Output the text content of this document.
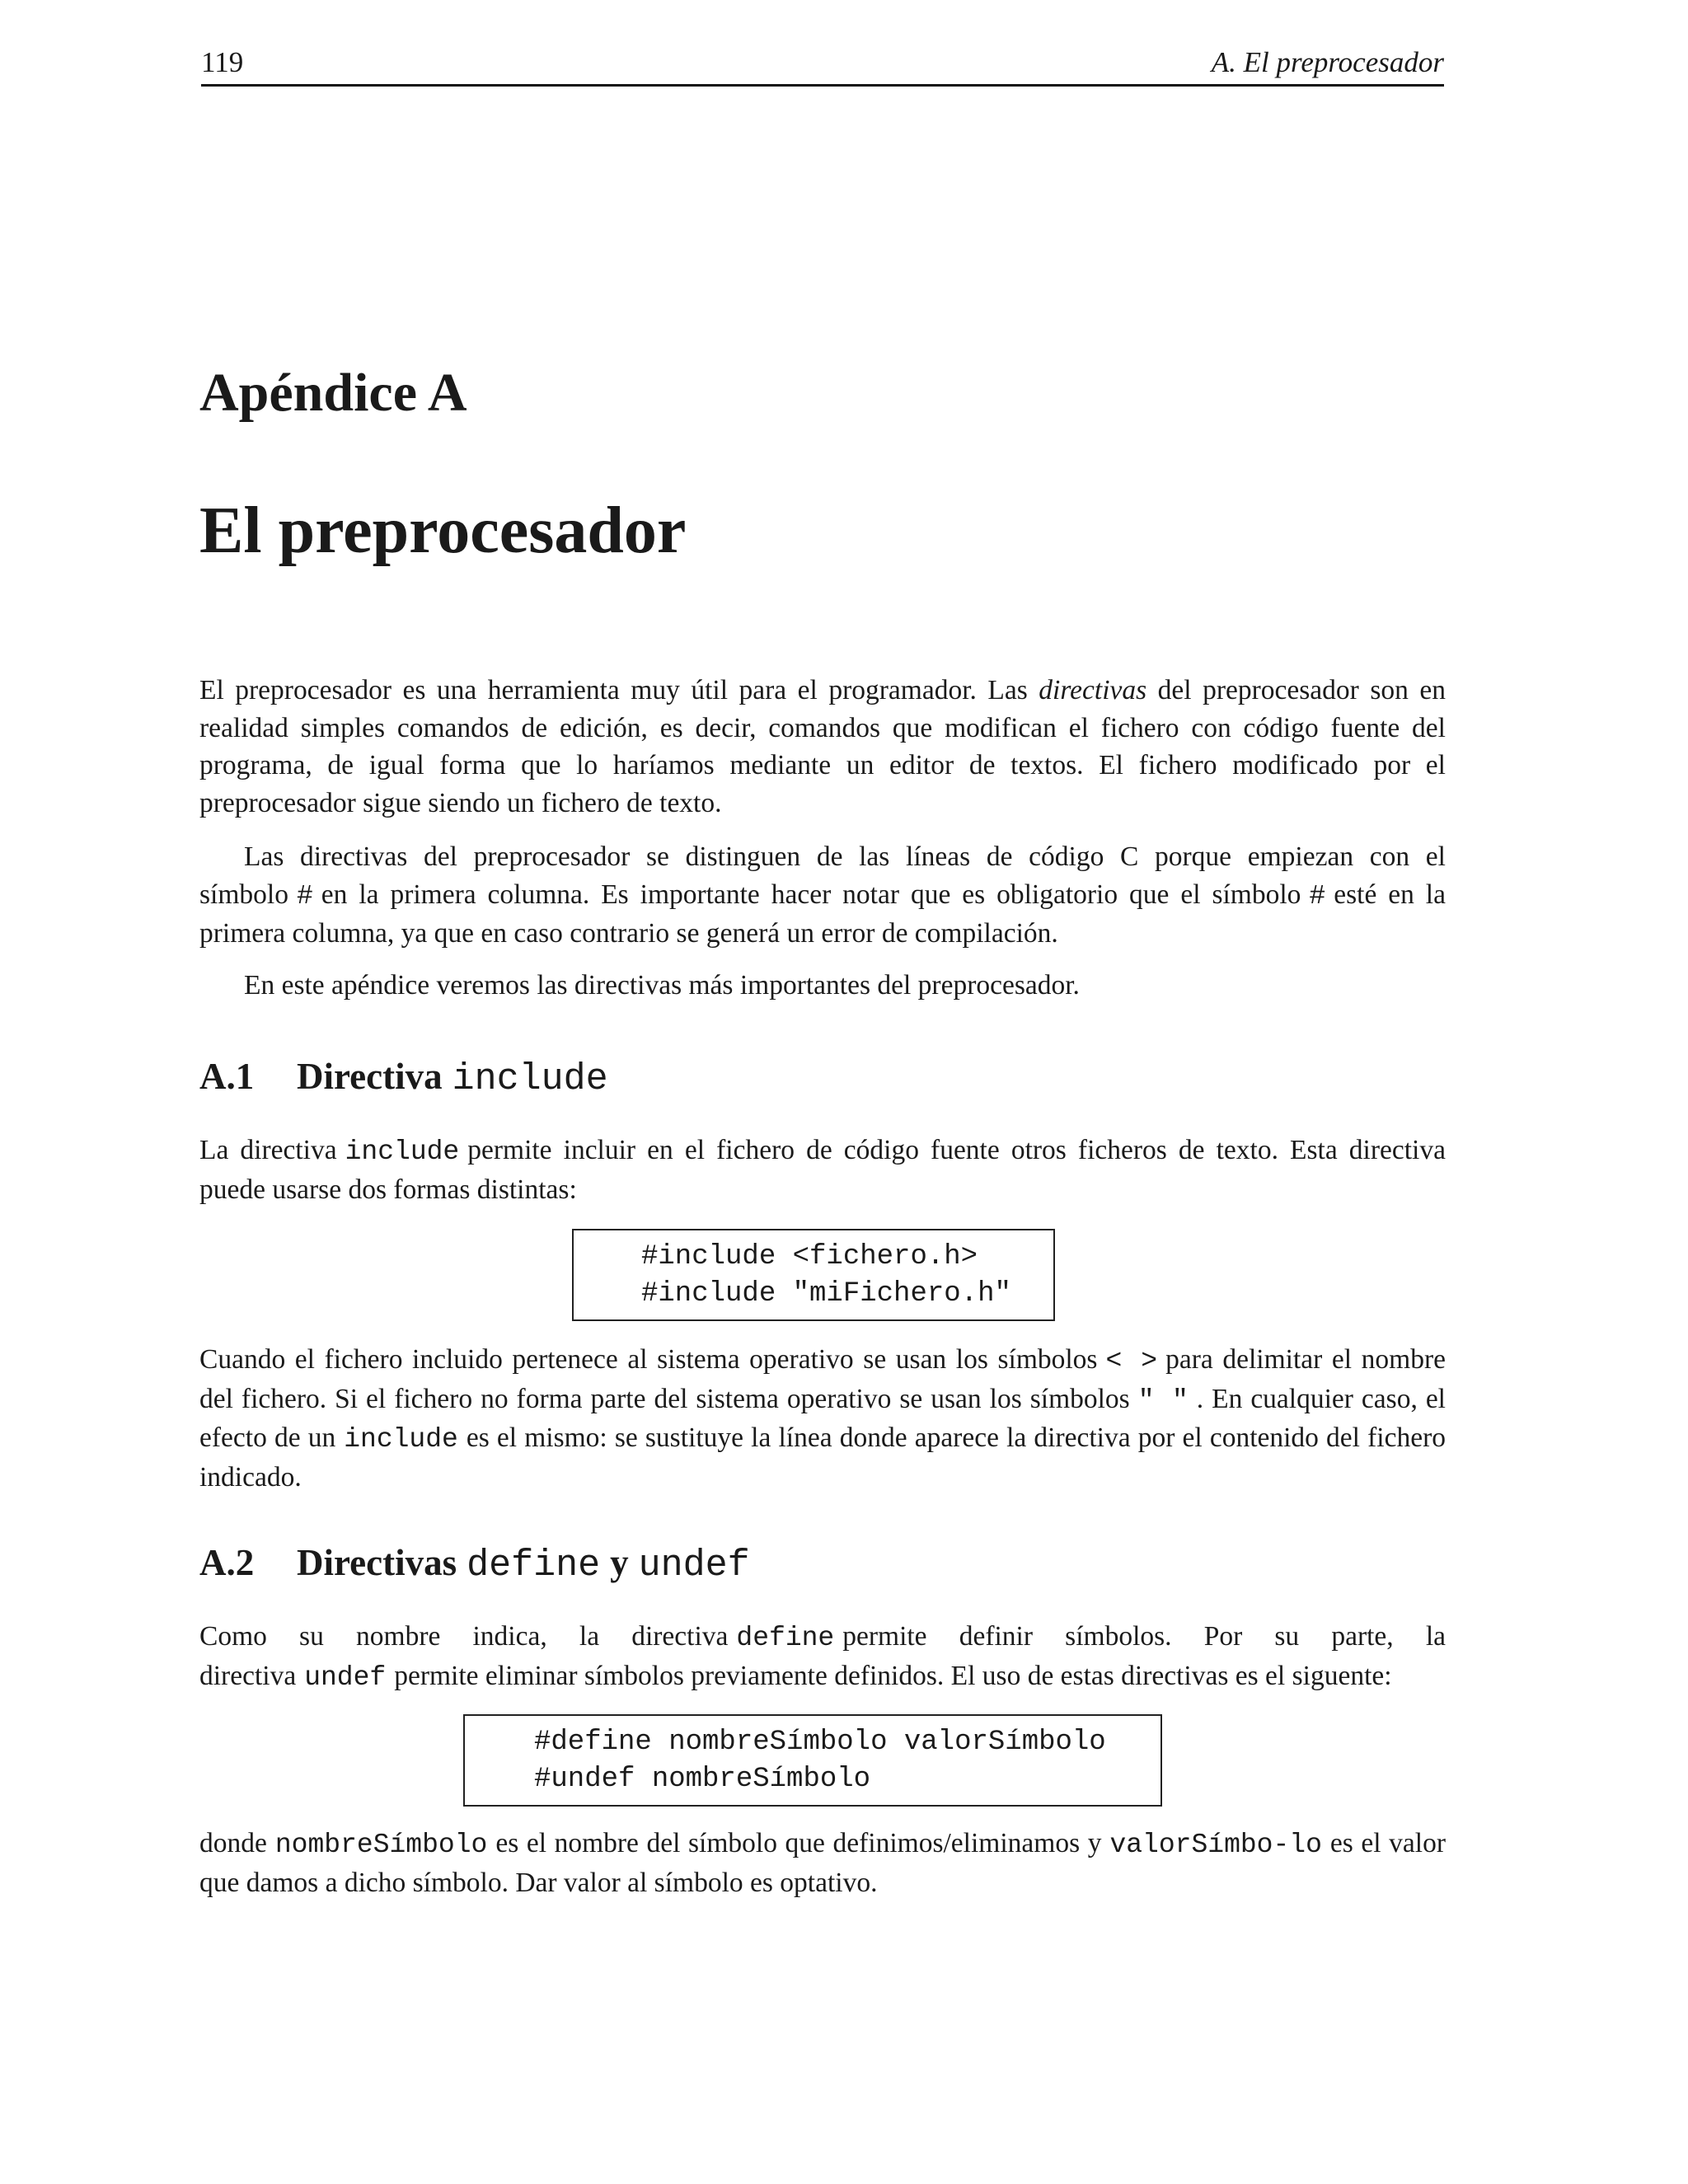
119	A. El preprocesador
Apéndice A
El preprocesador

El preprocesador es una herramienta muy útil para el programador. Las directivas del preprocesador son en realidad simples comandos de edición, es decir, comandos que modifican el fichero con código fuente del programa, de igual forma que lo haríamos mediante un editor de textos. El fichero modificado por el preprocesador sigue siendo un fichero de texto.

Las directivas del preprocesador se distinguen de las líneas de código C porque empiezan con el símbolo # en la primera columna. Es importante hacer notar que es obligatorio que el símbolo # esté en la primera columna, ya que en caso contrario se generá un error de compilación.

En este apéndice veremos las directivas más importantes del preprocesador.

A.1 Directiva include

La directiva include permite incluir en el fichero de código fuente otros ficheros de texto. Esta directiva puede usarse dos formas distintas:

#include <fichero.h>
#include "miFichero.h"

Cuando el fichero incluido pertenece al sistema operativo se usan los símbolos < > para delimitar el nombre del fichero. Si el fichero no forma parte del sistema operativo se usan los símbolos " " . En cualquier caso, el efecto de un include es el mismo: se sustituye la línea donde aparece la directiva por el contenido del fichero indicado.

A.2 Directivas define y undef

Como su nombre indica, la directiva define permite definir símbolos. Por su parte, la directiva undef permite eliminar símbolos previamente definidos. El uso de estas directivas es el siguente:

#define nombreSímbolo valorSímbolo
#undef nombreSímbolo

donde nombreSímbolo es el nombre del símbolo que definimos/eliminamos y valorSímbo-lo es el valor que damos a dicho símbolo. Dar valor al símbolo es optativo.
